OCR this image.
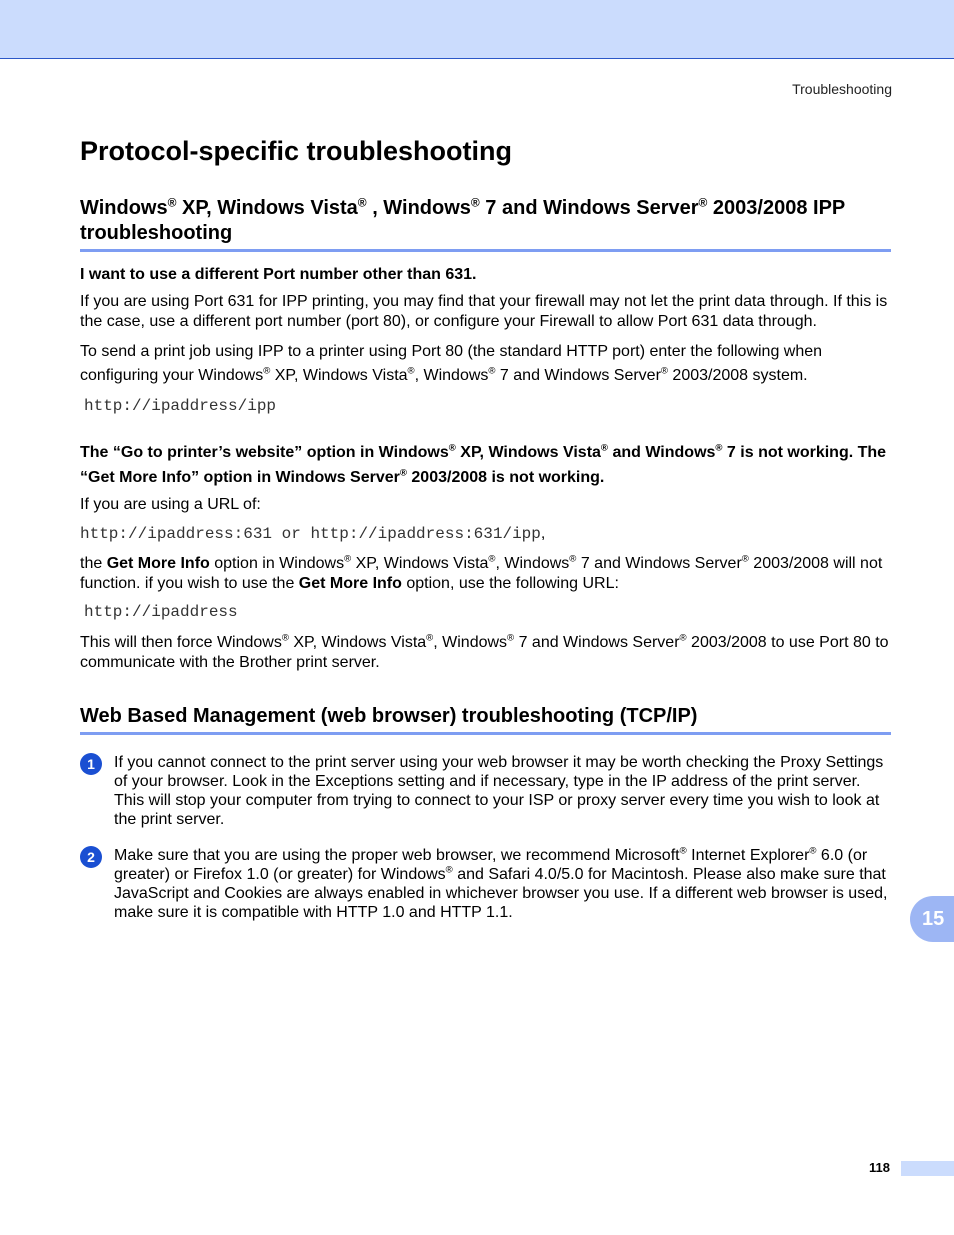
Troubleshooting
Protocol-specific troubleshooting
Windows® XP, Windows Vista® , Windows® 7 and Windows Server® 2003/2008 IPP troubleshooting

I want to use a different Port number other than 631.

If you are using Port 631 for IPP printing, you may find that your firewall may not let the print data through. If this is the case, use a different port number (port 80), or configure your Firewall to allow Port 631 data through.

To send a print job using IPP to a printer using Port 80 (the standard HTTP port) enter the following when configuring your Windows® XP, Windows Vista®, Windows® 7 and Windows Server® 2003/2008 system.

http://ipaddress/ipp

The “Go to printer’s website” option in Windows® XP, Windows Vista® and Windows® 7 is not working. The “Get More Info” option in Windows Server® 2003/2008 is not working.

If you are using a URL of:

http://ipaddress:631 or http://ipaddress:631/ipp,

the Get More Info option in Windows® XP, Windows Vista®, Windows® 7 and Windows Server® 2003/2008 will not function. if you wish to use the Get More Info option, use the following URL:

http://ipaddress

This will then force Windows® XP, Windows Vista®, Windows® 7 and Windows Server® 2003/2008 to use Port 80 to communicate with the Brother print server.

Web Based Management (web browser) troubleshooting (TCP/IP)
1	If you cannot connect to the print server using your web browser it may be worth checking the Proxy Settings of your browser. Look in the Exceptions setting and if necessary, type in the IP address of the print server. This will stop your computer from trying to connect to your ISP or proxy server every time you wish to look at the print server.
2	Make sure that you are using the proper web browser, we recommend Microsoft® Internet Explorer® 6.0 (or greater) or Firefox 1.0 (or greater) for Windows® and Safari 4.0/5.0 for Macintosh. Please also make sure that JavaScript and Cookies are always enabled in whichever browser you use. If a different web browser is used, make sure it is compatible with HTTP 1.0 and HTTP 1.1.	15
118
